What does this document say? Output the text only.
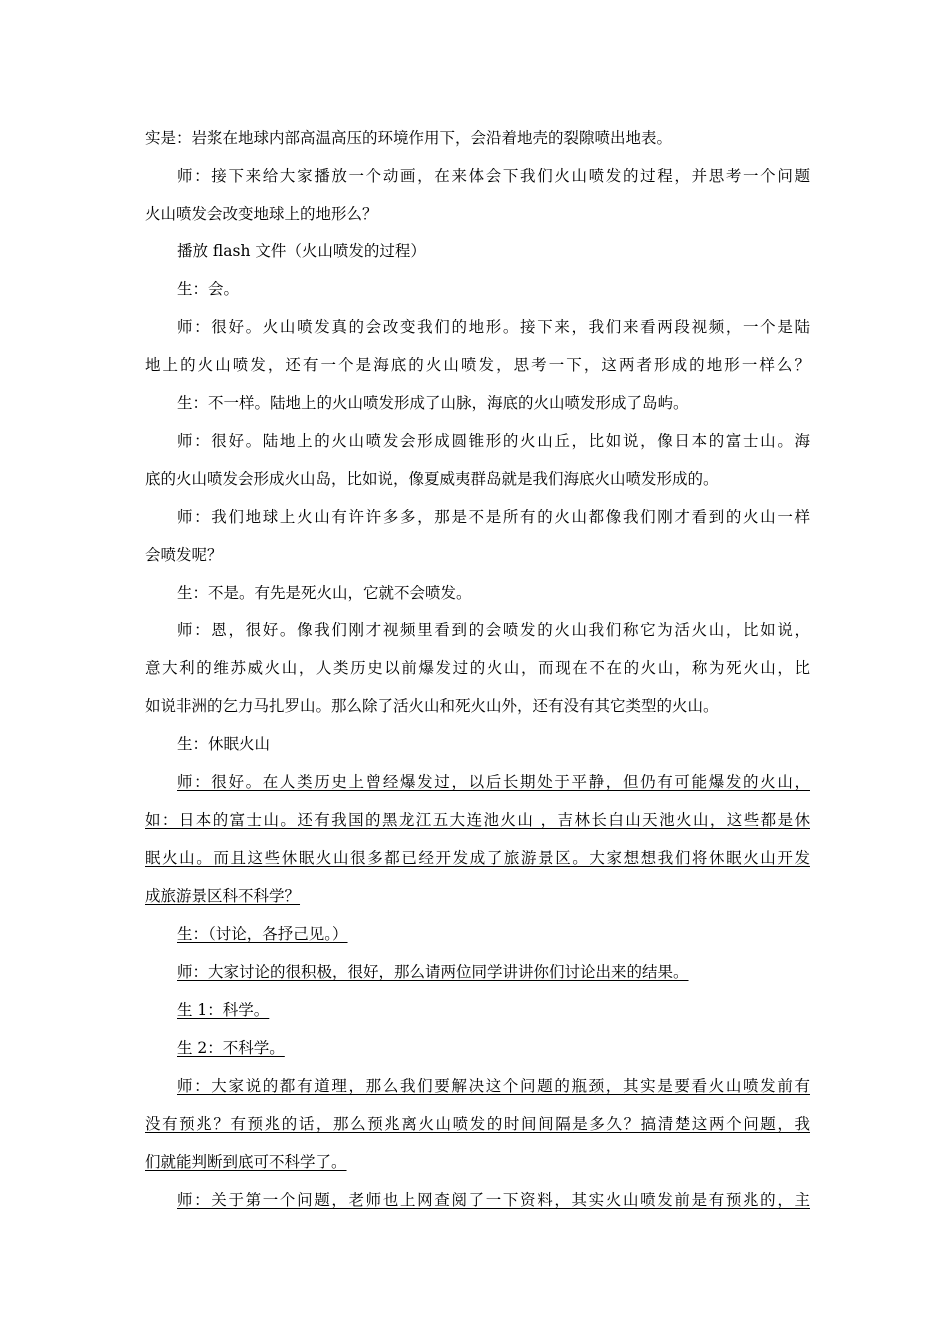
实是：岩浆在地球内部高温高压的环境作用下，会沿着地壳的裂隙喷出地表。
师：接下来给大家播放一个动画，在来体会下我们火山喷发的过程，并思考一个问题
火山喷发会改变地球上的地形么？
播放 flash 文件（火山喷发的过程）
生：会。
师：很好。火山喷发真的会改变我们的地形。接下来，我们来看两段视频，一个是陆
地上的火山喷发，还有一个是海底的火山喷发，思考一下，这两者形成的地形一样么？
生：不一样。陆地上的火山喷发形成了山脉，海底的火山喷发形成了岛屿。
师：很好。陆地上的火山喷发会形成圆锥形的火山丘，比如说，像日本的富士山。海
底的火山喷发会形成火山岛，比如说，像夏威夷群岛就是我们海底火山喷发形成的。
师：我们地球上火山有许许多多，那是不是所有的火山都像我们刚才看到的火山一样
会喷发呢？
生：不是。有先是死火山，它就不会喷发。
师：恩，很好。像我们刚才视频里看到的会喷发的火山我们称它为活火山，比如说，
意大利的维苏威火山，人类历史以前爆发过的火山，而现在不在的火山，称为死火山，比
如说非洲的乞力马扎罗山。那么除了活火山和死火山外，还有没有其它类型的火山。
生：休眠火山
师：很好。在人类历史上曾经爆发过，以后长期处于平静，但仍有可能爆发的火山，
如：日本的富士山。还有我国的黑龙江五大连池火山 ，吉林长白山天池火山，这些都是休
眠火山。而且这些休眠火山很多都已经开发成了旅游景区。大家想想我们将休眠火山开发
成旅游景区科不科学？
生：（讨论，各抒己见。）
师：大家讨论的很积极，很好，那么请两位同学讲讲你们讨论出来的结果。
生 1：科学。
生 2：不科学。
师：大家说的都有道理，那么我们要解决这个问题的瓶颈，其实是要看火山喷发前有
没有预兆？有预兆的话，那么预兆离火山喷发的时间间隔是多久？搞清楚这两个问题，我
们就能判断到底可不科学了。
师：关于第一个问题，老师也上网查阅了一下资料，其实火山喷发前是有预兆的，主
